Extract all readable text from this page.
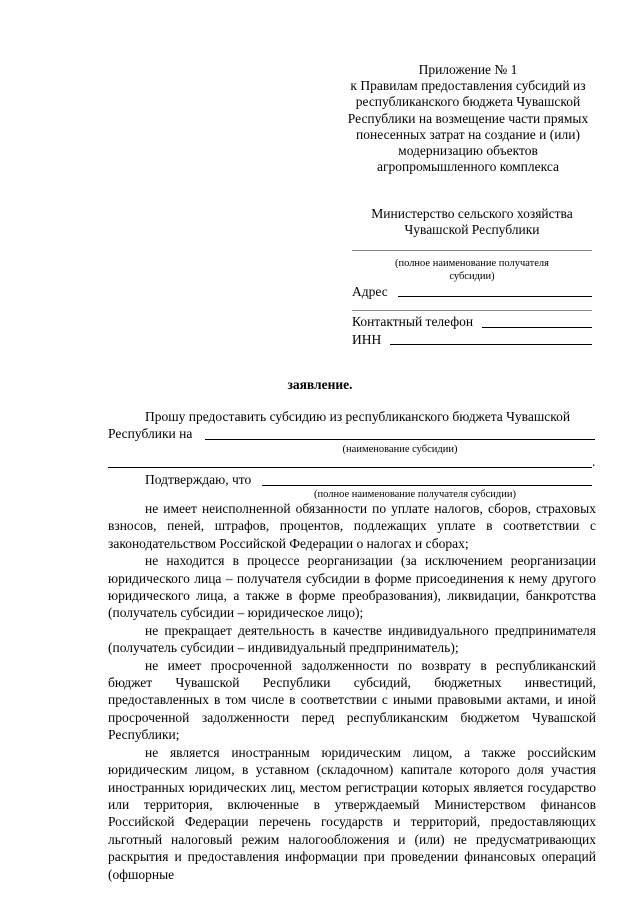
Приложение № 1
к Правилам предоставления субсидий из республиканского бюджета Чувашской Республики на возмещение части прямых понесенных затрат на создание и (или) модернизацию объектов агропромышленного комплекса
Министерство сельского хозяйства
Чувашской Республики
(полное наименование получателя субсидии)
Адрес
Контактный телефон
ИНН
заявление.

Прошу предоставить субсидию из республиканского бюджета Чувашской

Республики на
(наименование субсидии)
.
Подтверждаю, что
(полное наименование получателя субсидии)

не имеет неисполненной обязанности по уплате налогов, сборов, страховых взносов, пеней, штрафов, процентов, подлежащих уплате в соответствии с законодательством Российской Федерации о налогах и сборах;

не находится в процессе реорганизации (за исключением реорганизации юридического лица – получателя субсидии в форме присоединения к нему другого юридического лица, а также в форме преобразования), ликвидации, банкротства (получатель субсидии – юридическое лицо);

не прекращает деятельность в качестве индивидуального предпринимателя (получатель субсидии – индивидуальный предприниматель);

не имеет просроченной задолженности по возврату в республиканский бюджет Чувашской Республики субсидий, бюджетных инвестиций, предоставленных в том числе в соответствии с иными правовыми актами, и иной просроченной задолженности перед республиканским бюджетом Чувашской Республики;

не является иностранным юридическим лицом, а также российским юридическим лицом, в уставном (складочном) капитале которого доля участия иностранных юридических лиц, местом регистрации которых является государство или территория, включенные в утверждаемый Министерством финансов Российской Федерации перечень государств и территорий, предоставляющих льготный налоговый режим налогообложения и (или) не предусматривающих раскрытия и предоставления информации при проведении финансовых операций (офшорные
